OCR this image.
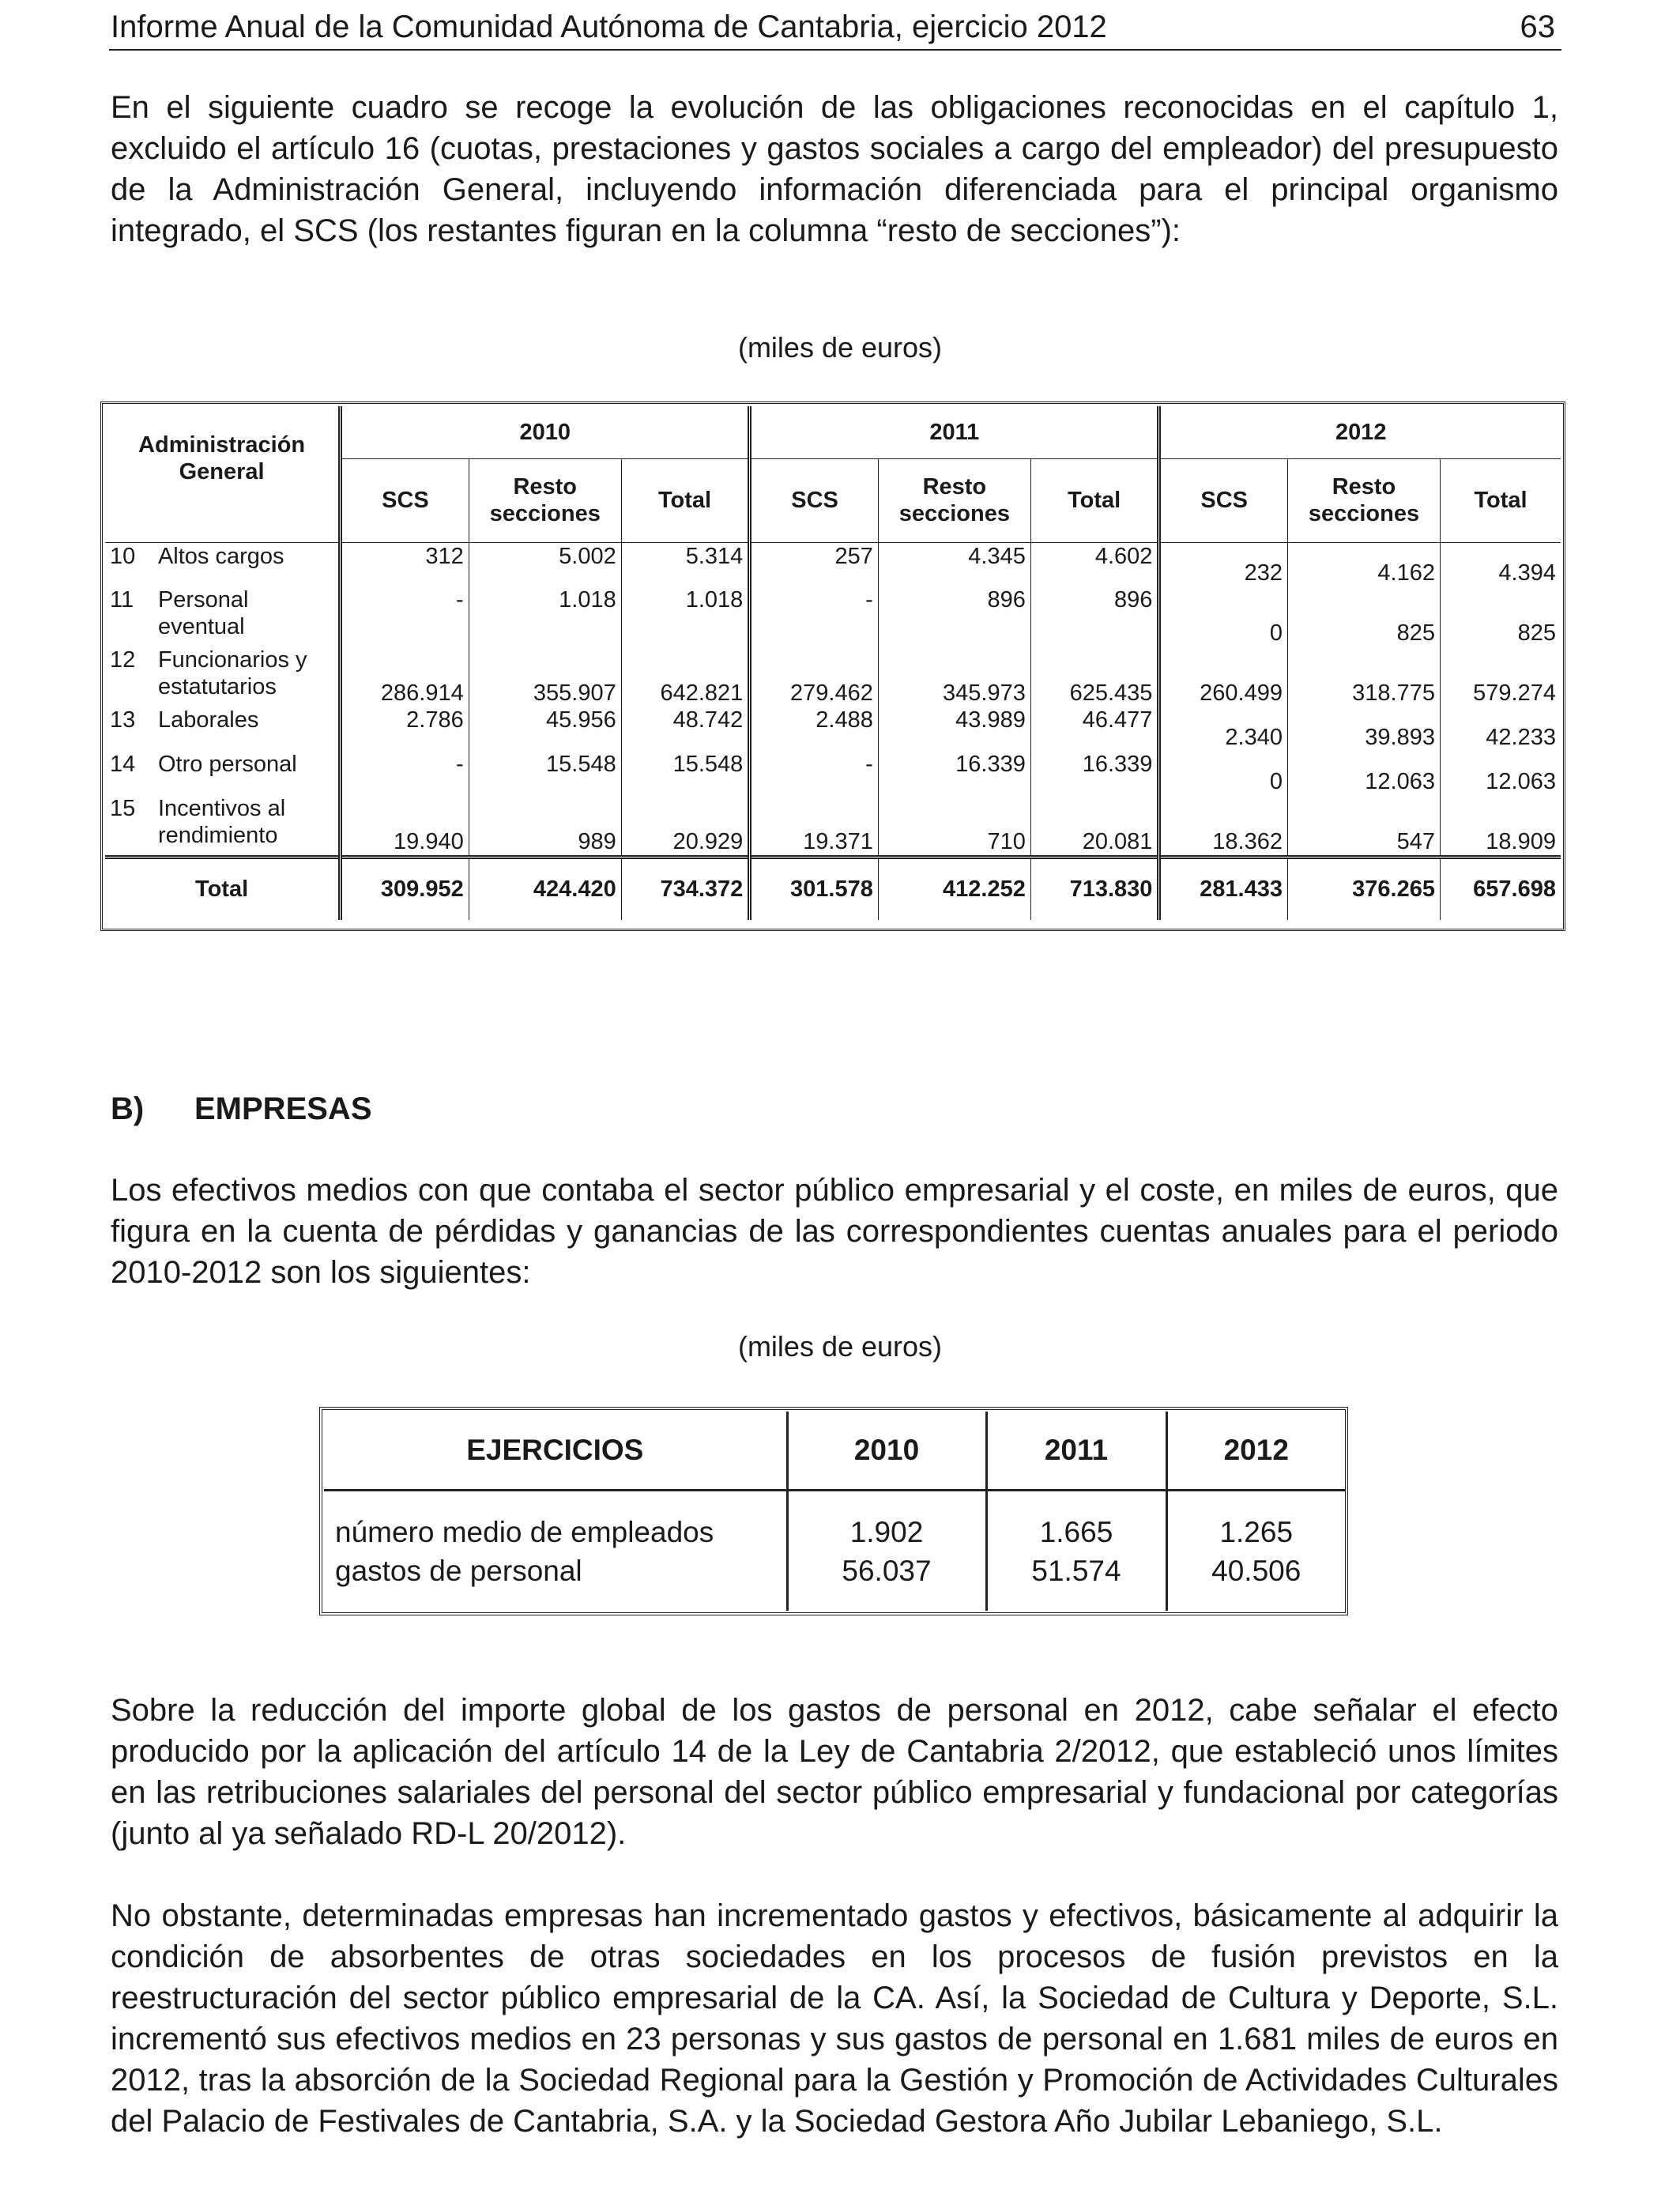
Informe Anual de la Comunidad Autónoma de Cantabria, ejercicio 2012	63

En el siguiente cuadro se recoge la evolución de las obligaciones reconocidas en el capítulo 1, excluido el artículo 16 (cuotas, prestaciones y gastos sociales a cargo del empleador) del presupuesto de la Administración General, incluyendo información diferenciada para el principal organismo integrado, el SCS (los restantes figuran en la columna “resto de secciones”):

(miles de euros)
Administración General		2010			2011			2012		
		SCS	Resto secciones	Total	SCS	Resto secciones	Total	SCS	Resto secciones	Total
10	Altos cargos	312	5.002	5.314	257	4.345	4.602	232	4.162	4.394
11	Personal eventual	-	1.018	1.018	-	896	896	0	825	825
12	Funcionarios y estatutarios	286.914	355.907	642.821	279.462	345.973	625.435	260.499	318.775	579.274
13	Laborales	2.786	45.956	48.742	2.488	43.989	46.477	2.340	39.893	42.233
14	Otro personal	-	15.548	15.548	-	16.339	16.339	0	12.063	12.063
15	Incentivos al rendimiento	19.940	989	20.929	19.371	710	20.081	18.362	547	18.909
Total		309.952	424.420	734.372	301.578	412.252	713.830	281.433	376.265	657.698
B) EMPRESAS

Los efectivos medios con que contaba el sector público empresarial y el coste, en miles de euros, que figura en la cuenta de pérdidas y ganancias de las correspondientes cuentas anuales para el periodo 2010-2012 son los siguientes:

(miles de euros)
EJERCICIOS	2010	2011	2012
número medio de empleados	1.902	1.665	1.265
gastos de personal	56.037	51.574	40.506

Sobre la reducción del importe global de los gastos de personal en 2012, cabe señalar el efecto producido por la aplicación del artículo 14 de la Ley de Cantabria 2/2012, que estableció unos límites en las retribuciones salariales del personal del sector público empresarial y fundacional por categorías (junto al ya señalado RD-L 20/2012).

No obstante, determinadas empresas han incrementado gastos y efectivos, básicamente al adquirir la condición de absorbentes de otras sociedades en los procesos de fusión previstos en la reestructuración del sector público empresarial de la CA. Así, la Sociedad de Cultura y Deporte, S.L. incrementó sus efectivos medios en 23 personas y sus gastos de personal en 1.681 miles de euros en 2012, tras la absorción de la Sociedad Regional para la Gestión y Promoción de Actividades Culturales del Palacio de Festivales de Cantabria, S.A. y la Sociedad Gestora Año Jubilar Lebaniego, S.L.
